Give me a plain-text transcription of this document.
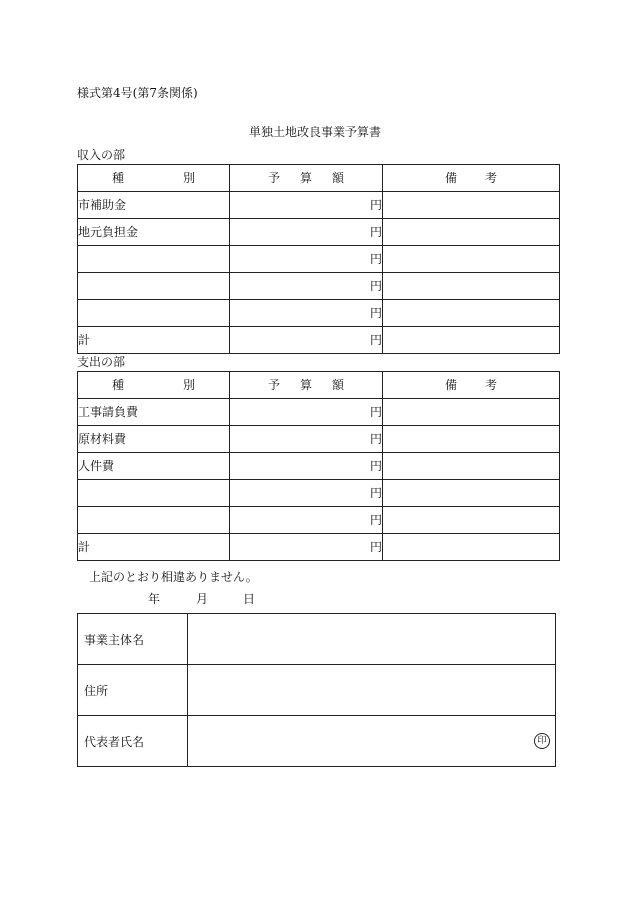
様式第4号(第7条関係)
単独土地改良事業予算書
収入の部
種 別	予 算 額	備 考

市補助金	円	
地元負担金	円	
	円	
	円	
	円	
計	円	
支出の部
種 別	予 算 額	備 考

工事請負費	円	
原材料費	円	
人件費	円	
	円	
	円	
計	円	
上記のとおり相違ありません。
年	月	日
事業主体名	
住所	
代表者氏名	印
